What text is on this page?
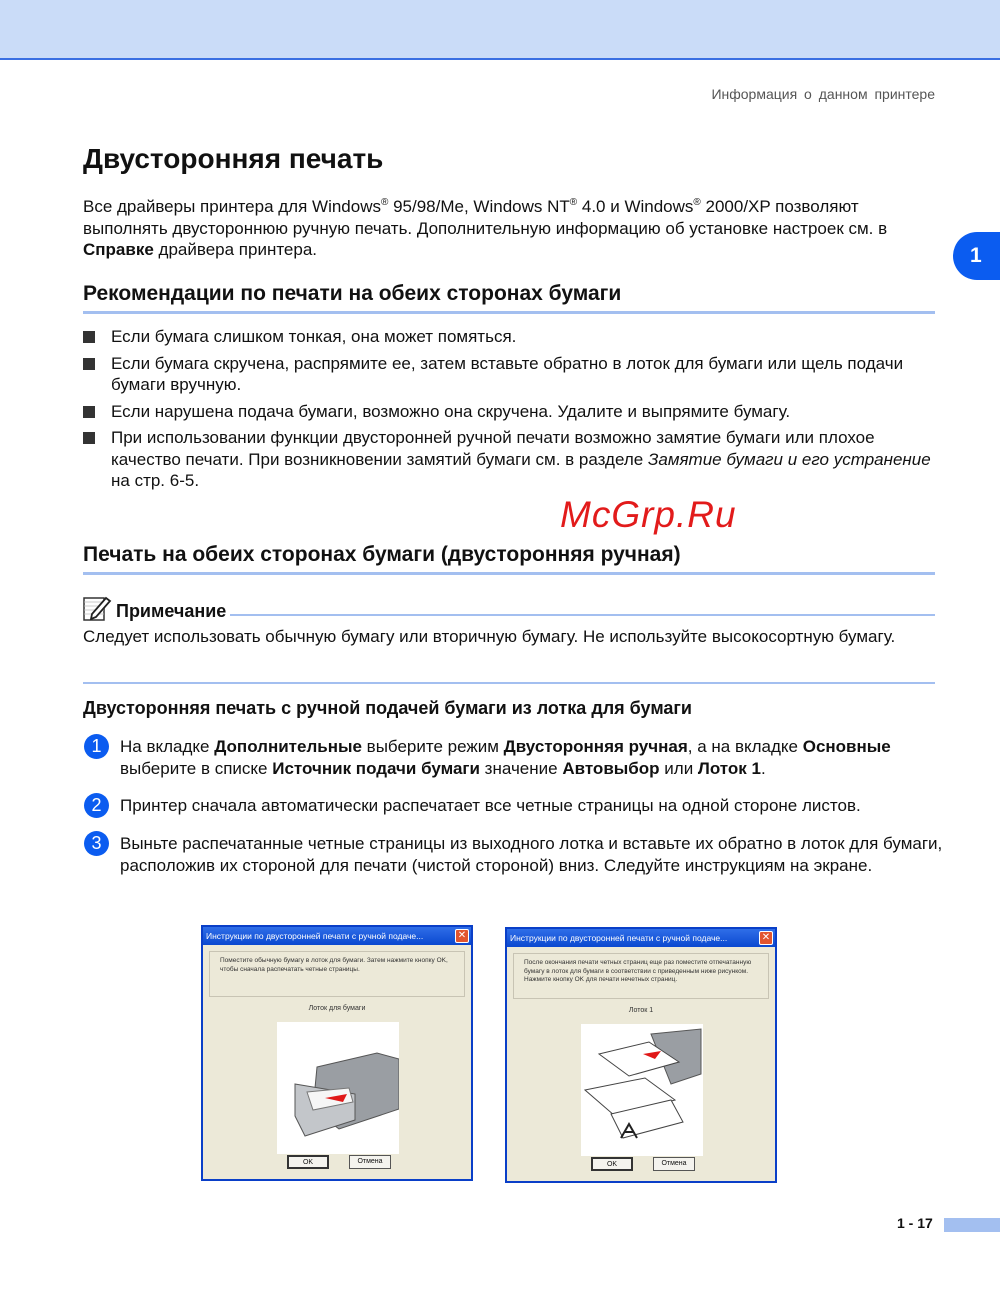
Информация о данном принтере
1
Двусторонняя печать
Все драйверы принтера для Windows® 95/98/Me, Windows NT® 4.0 и Windows® 2000/XP позволяют выполнять двустороннюю ручную печать. Дополнительную информацию об установке настроек см. в Справке драйвера принтера.
Рекомендации по печати на обеих сторонах бумаги
Если бумага слишком тонкая, она может помяться.
Если бумага скручена, распрямите ее, затем вставьте обратно в лоток для бумаги или щель подачи бумаги вручную.
Если нарушена подача бумаги, возможно она скручена. Удалите и выпрямите бумагу.
При использовании функции двусторонней ручной печати возможно замятие бумаги или плохое качество печати. При возникновении замятий бумаги см. в разделе Замятие бумаги и его устранение на стр. 6-5.
McGrp.Ru
Печать на обеих сторонах бумаги (двусторонняя ручная)
Примечание
Следует использовать обычную бумагу или вторичную бумагу. Не используйте высокосортную бумагу.
Двусторонняя печать с ручной подачей бумаги из лотка для бумаги
1	На вкладке Дополнительные выберите режим Двусторонняя ручная, а на вкладке Основные выберите в списке Источник подачи бумаги значение Автовыбор или Лоток 1.
2	Принтер сначала автоматически распечатает все четные страницы на одной стороне листов.
3	Выньте распечатанные четные страницы из выходного лотка и вставьте их обратно в лоток для бумаги, расположив их стороной для печати (чистой стороной) вниз. Следуйте инструкциям на экране.
Инструкции по двусторонней печати с ручной подаче...	✕
Поместите обычную бумагу в лоток для бумаги. Затем нажмите кнопку OK, чтобы сначала распечатать четные страницы.
Лоток для бумаги
OK	Отмена
Инструкции по двусторонней печати с ручной подаче...	✕
После окончания печати четных страниц еще раз поместите отпечатанную бумагу в лоток для бумаги в соответствии с приведенным ниже рисунком. Нажмите кнопку OK для печати нечетных страниц.
Лоток 1
OK	Отмена
1 - 17
